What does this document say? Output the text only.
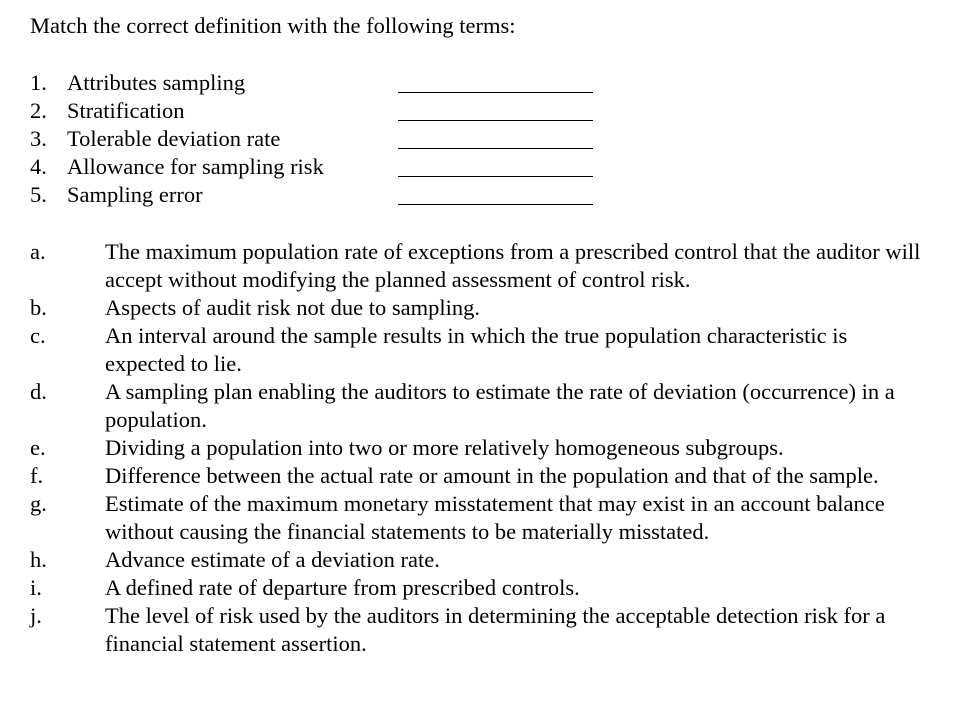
Match the correct definition with the following terms:
1. Attributes sampling
2. Stratification
3. Tolerable deviation rate
4. Allowance for sampling risk
5. Sampling error
a.	The maximum population rate of exceptions from a prescribed control that the auditor will accept without modifying the planned assessment of control risk.
b.	Aspects of audit risk not due to sampling.
c.	An interval around the sample results in which the true population characteristic is expected to lie.
d.	A sampling plan enabling the auditors to estimate the rate of deviation (occurrence) in a population.
e.	Dividing a population into two or more relatively homogeneous subgroups.
f.	Difference between the actual rate or amount in the population and that of the sample.
g.	Estimate of the maximum monetary misstatement that may exist in an account balance without causing the financial statements to be materially misstated.
h.	Advance estimate of a deviation rate.
i.	A defined rate of departure from prescribed controls.
j.	The level of risk used by the auditors in determining the acceptable detection risk for a financial statement assertion.
